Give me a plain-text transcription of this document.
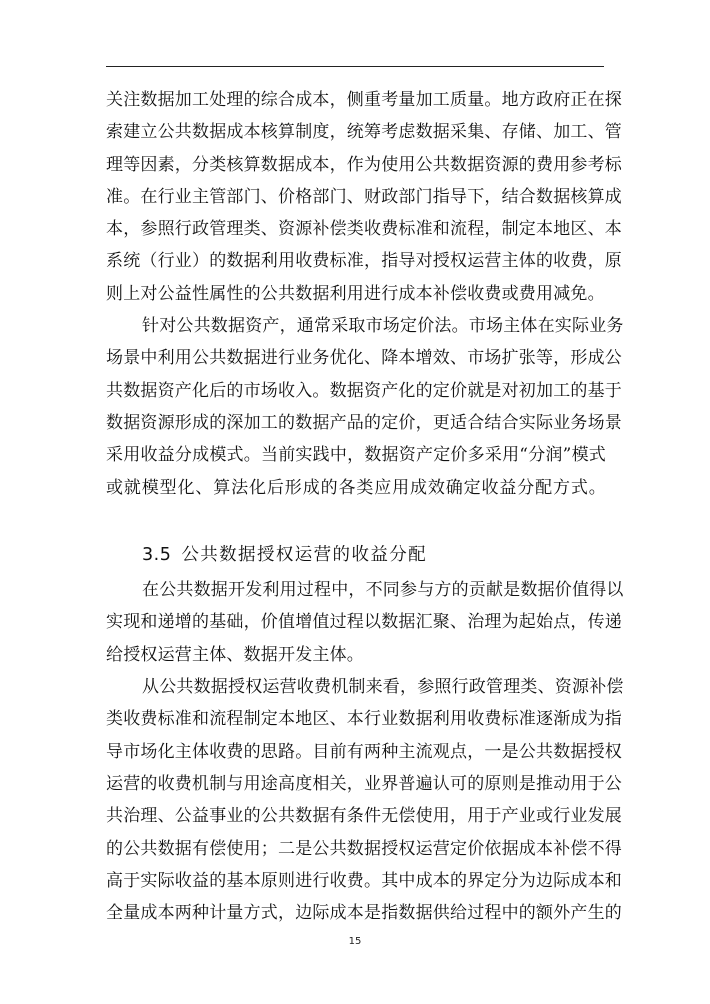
关注数据加工处理的综合成本，侧重考量加工质量。地方政府正在探
索建立公共数据成本核算制度，统筹考虑数据采集、存储、加工、管
理等因素，分类核算数据成本，作为使用公共数据资源的费用参考标
准。在行业主管部门、价格部门、财政部门指导下，结合数据核算成
本，参照行政管理类、资源补偿类收费标准和流程，制定本地区、本
系统（行业）的数据利用收费标准，指导对授权运营主体的收费，原
则上对公益性属性的公共数据利用进行成本补偿收费或费用减免。
针对公共数据资产，通常采取市场定价法。市场主体在实际业务
场景中利用公共数据进行业务优化、降本增效、市场扩张等，形成公
共数据资产化后的市场收入。数据资产化的定价就是对初加工的基于
数据资源形成的深加工的数据产品的定价，更适合结合实际业务场景
采用收益分成模式。当前实践中，数据资产定价多采用“分润”模式
或就模型化、算法化后形成的各类应用成效确定收益分配方式。
3.5 公共数据授权运营的收益分配
在公共数据开发利用过程中，不同参与方的贡献是数据价值得以
实现和递增的基础，价值增值过程以数据汇聚、治理为起始点，传递
给授权运营主体、数据开发主体。
从公共数据授权运营收费机制来看，参照行政管理类、资源补偿
类收费标准和流程制定本地区、本行业数据利用收费标准逐渐成为指
导市场化主体收费的思路。目前有两种主流观点，一是公共数据授权
运营的收费机制与用途高度相关，业界普遍认可的原则是推动用于公
共治理、公益事业的公共数据有条件无偿使用，用于产业或行业发展
的公共数据有偿使用；二是公共数据授权运营定价依据成本补偿不得
高于实际收益的基本原则进行收费。其中成本的界定分为边际成本和
全量成本两种计量方式，边际成本是指数据供给过程中的额外产生的
15
